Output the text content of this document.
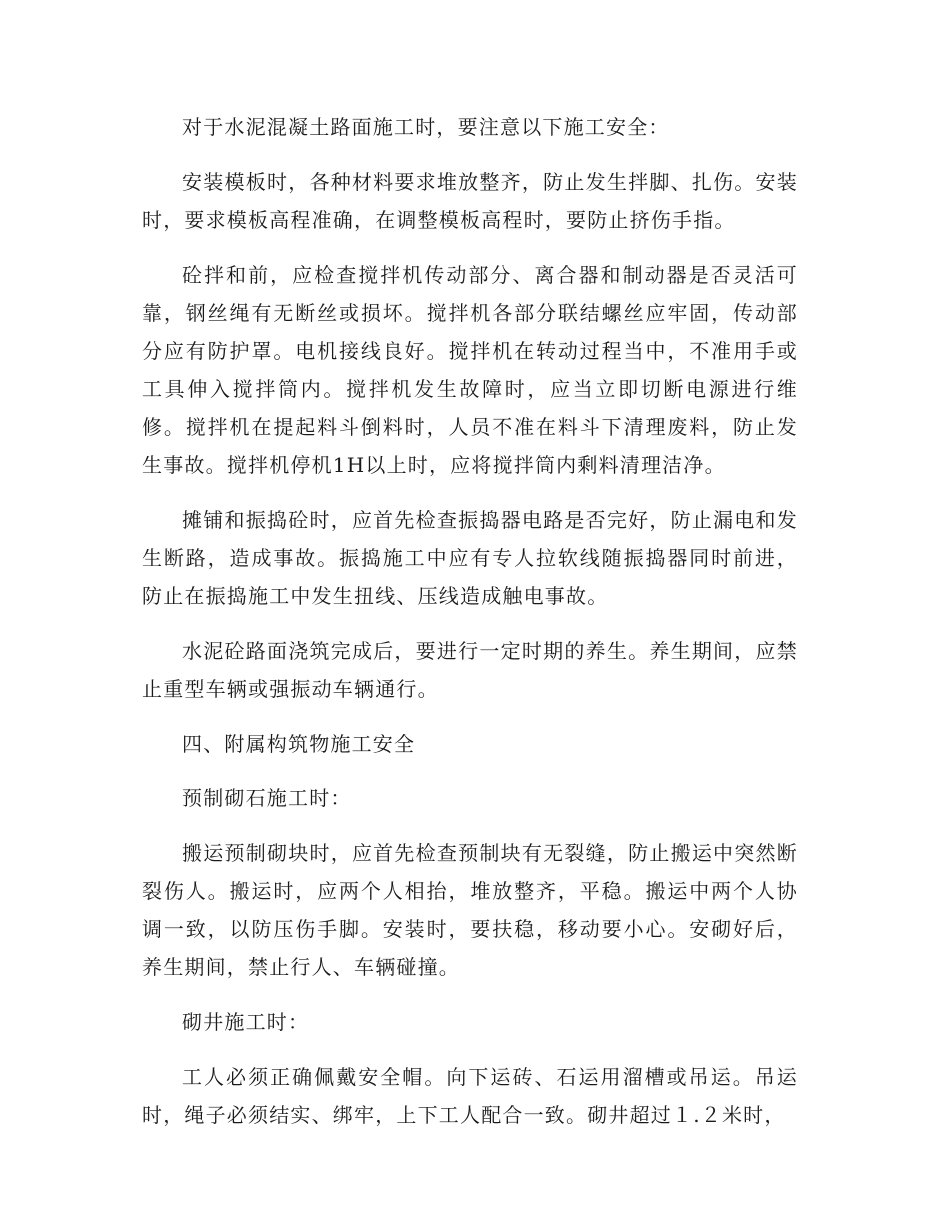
对于水泥混凝土路面施工时，要注意以下施工安全：

安装模板时，各种材料要求堆放整齐，防止发生拌脚、扎伤。安装时，要求模板高程准确，在调整模板高程时，要防止挤伤手指。

砼拌和前，应检查搅拌机传动部分、离合器和制动器是否灵活可靠，钢丝绳有无断丝或损坏。搅拌机各部分联结螺丝应牢固，传动部分应有防护罩。电机接线良好。搅拌机在转动过程当中，不准用手或工具伸入搅拌筒内。搅拌机发生故障时，应当立即切断电源进行维修。搅拌机在提起料斗倒料时，人员不准在料斗下清理废料，防止发生事故。搅拌机停机1H以上时，应将搅拌筒内剩料清理洁净。

摊铺和振捣砼时，应首先检查振捣器电路是否完好，防止漏电和发生断路，造成事故。振捣施工中应有专人拉软线随振捣器同时前进，防止在振捣施工中发生扭线、压线造成触电事故。

水泥砼路面浇筑完成后，要进行一定时期的养生。养生期间，应禁止重型车辆或强振动车辆通行。

四、附属构筑物施工安全

预制砌石施工时：

搬运预制砌块时，应首先检查预制块有无裂缝，防止搬运中突然断裂伤人。搬运时，应两个人相抬，堆放整齐，平稳。搬运中两个人协调一致，以防压伤手脚。安装时，要扶稳，移动要小心。安砌好后，养生期间，禁止行人、车辆碰撞。

砌井施工时：

工人必须正确佩戴安全帽。向下运砖、石运用溜槽或吊运。吊运时，绳子必须结实、绑牢，上下工人配合一致。砌井超过１.２米时，
